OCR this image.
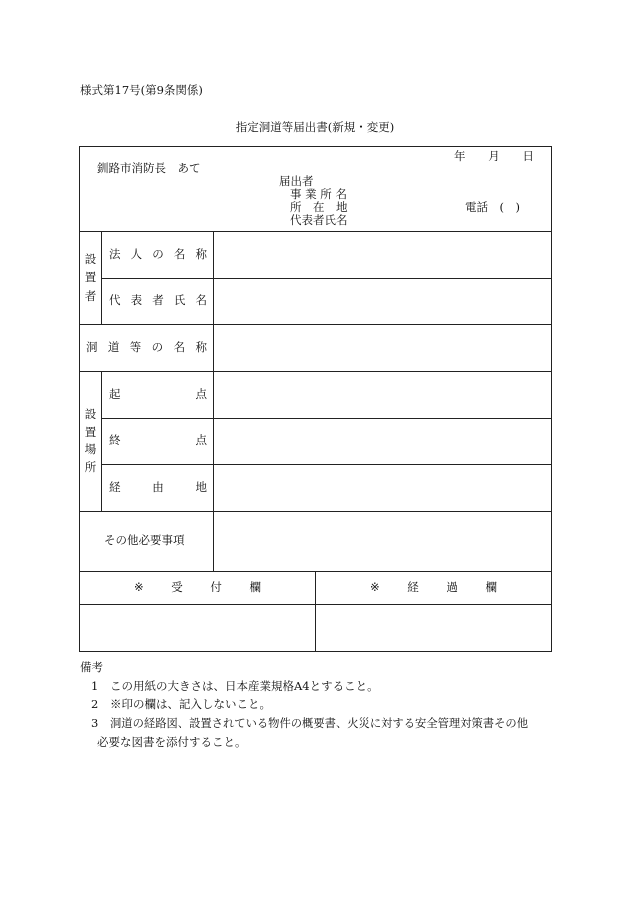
様式第17号(第9条関係)
指定洞道等届出書(新規・変更)
年 月 日
釧路市消防長　あて
届出者
事 業 所 名
所　在　地	電話　(　)
代表者氏名
設
置
者
法 人 の 名 称
代 表 者 氏 名
洞 道 等 の 名 称
設
置
場
所
起	点
終	点
経	由	地
その他必要事項
※ 受 付 欄	※ 経 過 欄
備考
1 この用紙の大きさは、日本産業規格A4とすること。
2 ※印の欄は、記入しないこと。
3 洞道の経路図、設置されている物件の概要書、火災に対する安全管理対策書その他
必要な図書を添付すること。
